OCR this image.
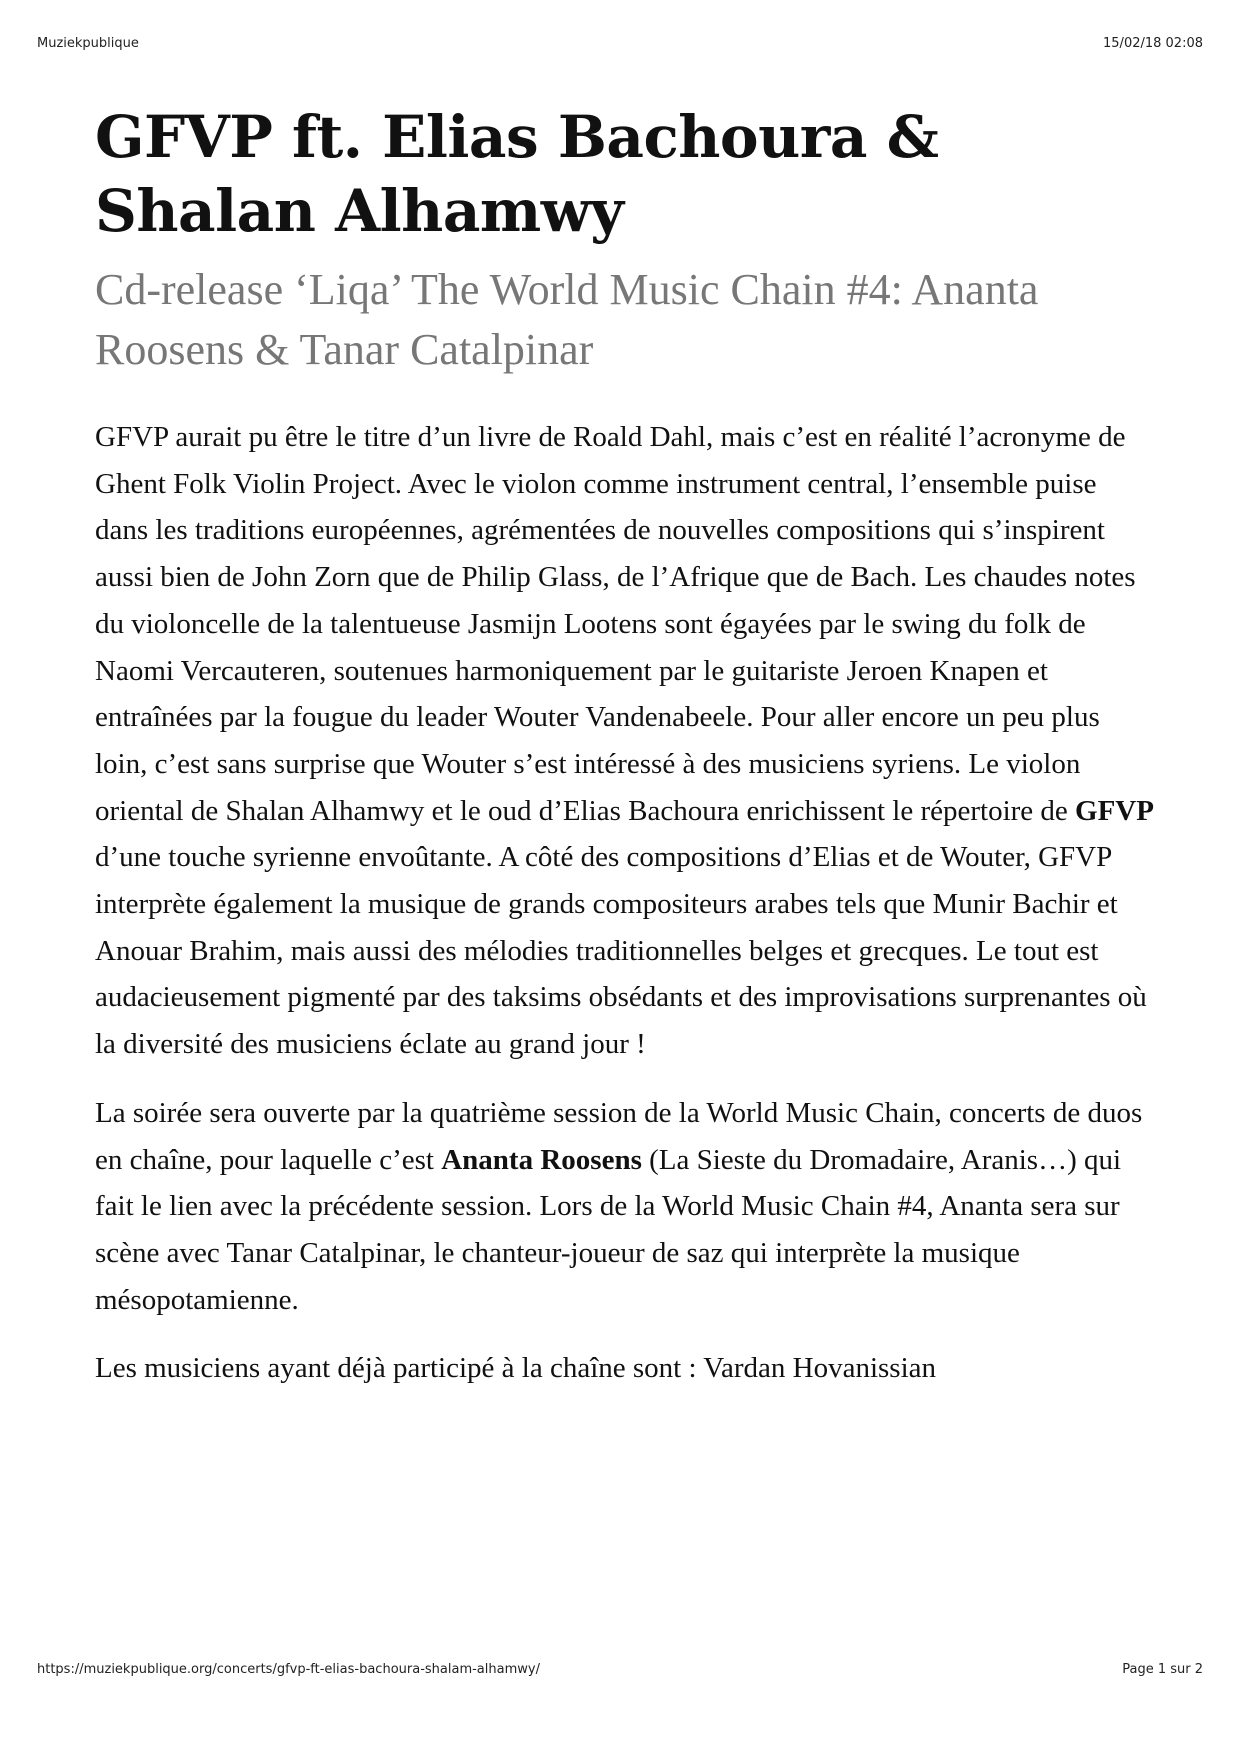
Muziekpublique	15/02/18 02:08
GFVP ft. Elias Bachoura & Shalan Alhamwy
Cd-release ‘Liqa’ The World Music Chain #4: Ananta Roosens & Tanar Catalpinar

GFVP aurait pu être le titre d’un livre de Roald Dahl, mais c’est en réalité l’acronyme de Ghent Folk Violin Project. Avec le violon comme instrument central, l’ensemble puise dans les traditions européennes, agrémentées de nouvelles compositions qui s’inspirent aussi bien de John Zorn que de Philip Glass, de l’Afrique que de Bach. Les chaudes notes du violoncelle de la talentueuse Jasmijn Lootens sont égayées par le swing du folk de Naomi Vercauteren, soutenues harmoniquement par le guitariste Jeroen Knapen et entraînées par la fougue du leader Wouter Vandenabeele. Pour aller encore un peu plus loin, c’est sans surprise que Wouter s’est intéressé à des musiciens syriens. Le violon oriental de Shalan Alhamwy et le oud d’Elias Bachoura enrichissent le répertoire de GFVP d’une touche syrienne envoûtante. A côté des compositions d’Elias et de Wouter, GFVP interprète également la musique de grands compositeurs arabes tels que Munir Bachir et Anouar Brahim, mais aussi des mélodies traditionnelles belges et grecques. Le tout est audacieusement pigmenté par des taksims obsédants et des improvisations surprenantes où la diversité des musiciens éclate au grand jour !

La soirée sera ouverte par la quatrième session de la World Music Chain, concerts de duos en chaîne, pour laquelle c’est Ananta Roosens (La Sieste du Dromadaire, Aranis…) qui fait le lien avec la précédente session. Lors de la World Music Chain #4, Ananta sera sur scène avec Tanar Catalpinar, le chanteur-joueur de saz qui interprète la musique mésopotamienne.

Les musiciens ayant déjà participé à la chaîne sont : Vardan Hovanissian

https://muziekpublique.org/concerts/gfvp-ft-elias-bachoura-shalam-alhamwy/	Page 1 sur 2
